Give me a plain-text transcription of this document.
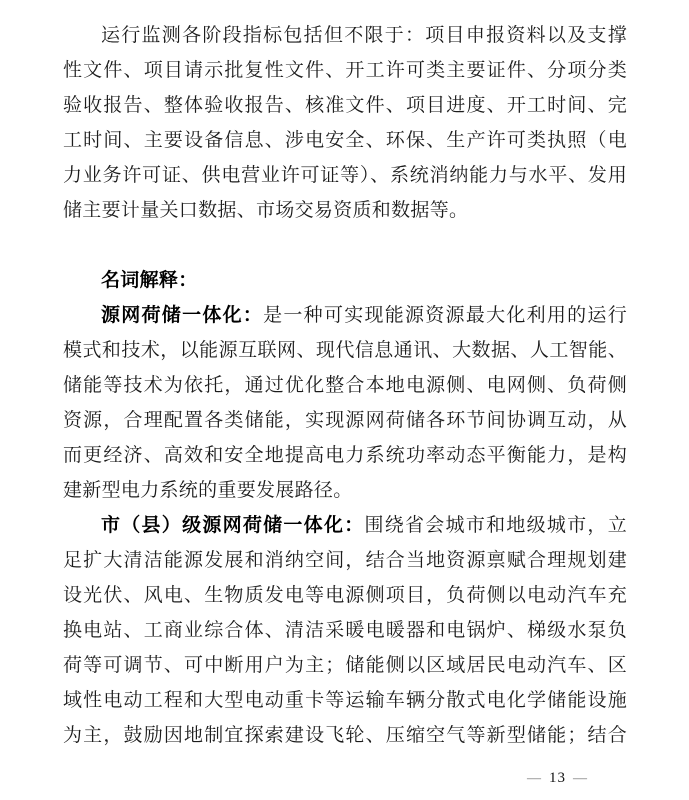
运行监测各阶段指标包括但不限于：项目申报资料以及支撑
性文件、项目请示批复性文件、开工许可类主要证件、分项分类
验收报告、整体验收报告、核准文件、项目进度、开工时间、完
工时间、主要设备信息、涉电安全、环保、生产许可类执照（电
力业务许可证、供电营业许可证等）、系统消纳能力与水平、发用
储主要计量关口数据、市场交易资质和数据等。
名词解释：
源网荷储一体化：是一种可实现能源资源最大化利用的运行
模式和技术，以能源互联网、现代信息通讯、大数据、人工智能、
储能等技术为依托，通过优化整合本地电源侧、电网侧、负荷侧
资源，合理配置各类储能，实现源网荷储各环节间协调互动，从
而更经济、高效和安全地提高电力系统功率动态平衡能力，是构
建新型电力系统的重要发展路径。
市（县）级源网荷储一体化：围绕省会城市和地级城市，立
足扩大清洁能源发展和消纳空间，结合当地资源禀赋合理规划建
设光伏、风电、生物质发电等电源侧项目，负荷侧以电动汽车充
换电站、工商业综合体、清洁采暖电暖器和电锅炉、梯级水泵负
荷等可调节、可中断用户为主；储能侧以区域居民电动汽车、区
域性电动工程和大型电动重卡等运输车辆分散式电化学储能设施
为主，鼓励因地制宜探索建设飞轮、压缩空气等新型储能；结合
— 13 —
